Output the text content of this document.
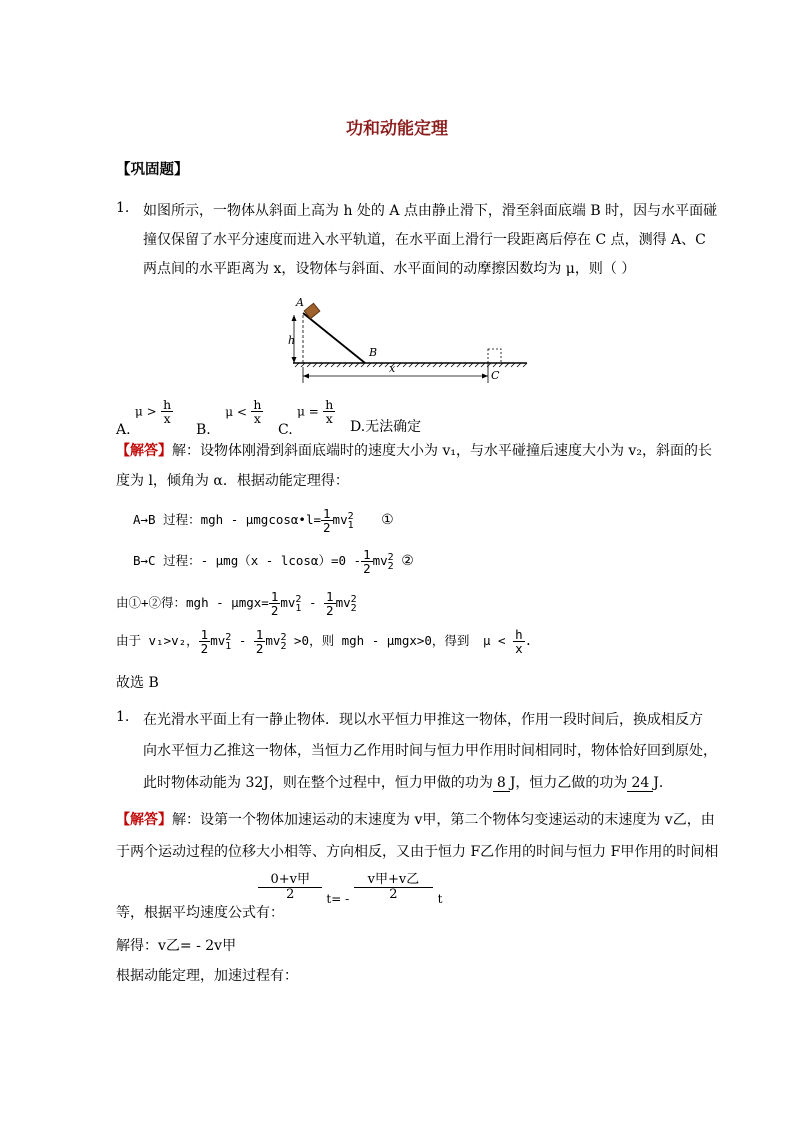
功和动能定理
【巩固题】
1. 如图所示，一物体从斜面上高为 h 处的 A 点由静止滑下，滑至斜面底端 B 时，因与水平面碰
撞仅保留了水平分速度而进入水平轨道，在水平面上滑行一段距离后停在 C 点，测得 A、C
两点间的水平距离为 x，设物体与斜面、水平面间的动摩擦因数均为 μ，则（ ）
A
B
C
h
x
A. $\mu > \frac{h}{x}$
B. $\mu < \frac{h}{x}$
C. $\mu = \frac{h}{x}$
D.无法确定
【解答】解：设物体刚滑到斜面底端时的速度大小为 v₁，与水平碰撞后速度大小为 v₂，斜面的长
度为 l，倾角为 α．根据动能定理得：
A→B 过程：mgh - μmgcosα•l= $\frac{1}{2}$ mv 2
1 ①
B→C 过程：- $\mu mg(x - lcos\alpha)=0 - \frac{1}{2}$ mv 2
2 ②
由①+②得：mgh - $\mu mgx= \frac{1}{2}$ mv 2
$1 - \frac{1}{2}$ mv 2
2
由于 v₁>v₂， $\frac{1}{2}$ mv 2
$1 - \frac{1}{2}$ mv 2
2 >0，则 mgh - μmgx>0，得到 $\mu < \frac{h}{x}$ .
故选 B
1. 在光滑水平面上有一静止物体．现以水平恒力甲推这一物体，作用一段时间后，换成相反方
向水平恒力乙推这一物体，当恒力乙作用时间与恒力甲作用时间相同时，物体恰好回到原处，
此时物体动能为 32J，则在整个过程中，恒力甲做的功为 8 J，恒力乙做的功为 24 J．
【解答】解：设第一个物体加速运动的末速度为 v甲，第二个物体匀变速运动的末速度为 v乙，由
于两个运动过程的位移大小相等、方向相反，又由于恒力 F乙作用的时间与恒力 F甲作用的时间相
等，根据平均速度公式有：
$\frac{\text{0+v甲}}{2} t= - \frac{\text{v甲+v乙}}{2}$ t
解得：v乙= - 2v甲
根据动能定理，加速过程有：
